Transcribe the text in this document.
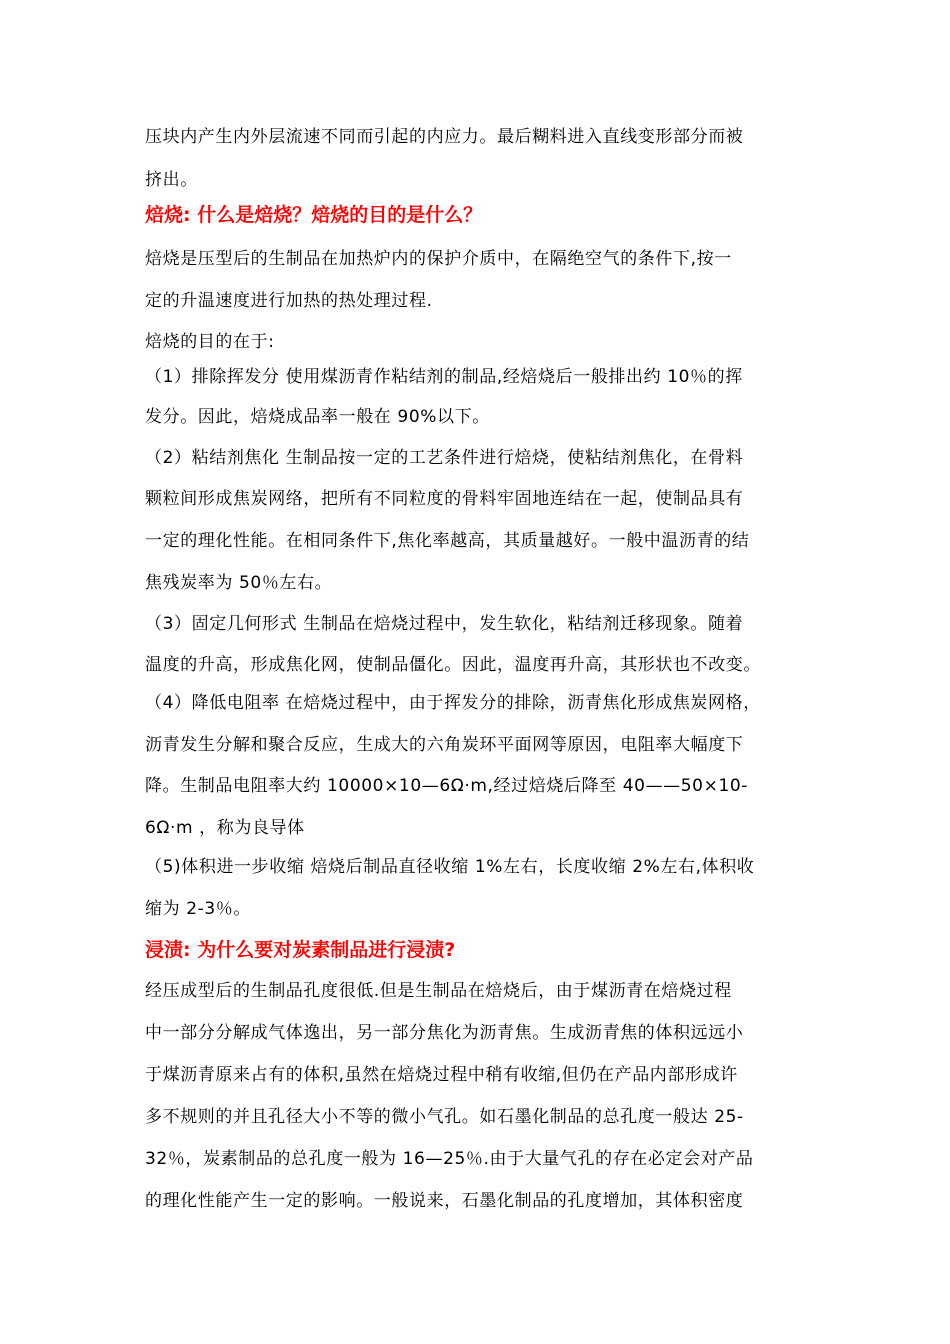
压块内产生内外层流速不同而引起的内应力。最后糊料进入直线变形部分而被
挤出。
焙烧: 什么是焙烧？焙烧的目的是什么？
焙烧是压型后的生制品在加热炉内的保护介质中，在隔绝空气的条件下,按一
定的升温速度进行加热的热处理过程.
焙烧的目的在于:
（1）排除挥发分 使用煤沥青作粘结剂的制品,经焙烧后一般排出约 10％的挥
发分。因此，焙烧成品率一般在 90%以下。
（2）粘结剂焦化 生制品按一定的工艺条件进行焙烧，使粘结剂焦化，在骨料
颗粒间形成焦炭网络，把所有不同粒度的骨料牢固地连结在一起，使制品具有
一定的理化性能。在相同条件下,焦化率越高，其质量越好。一般中温沥青的结
焦残炭率为 50％左右。
（3）固定几何形式 生制品在焙烧过程中，发生软化，粘结剂迁移现象。随着
温度的升高，形成焦化网，使制品僵化。因此，温度再升高，其形状也不改变。
（4）降低电阻率 在焙烧过程中，由于挥发分的排除，沥青焦化形成焦炭网格，
沥青发生分解和聚合反应，生成大的六角炭环平面网等原因，电阻率大幅度下
降。生制品电阻率大约 10000×10—6Ω·m,经过焙烧后降至 40——50×10-
6Ω·m ，称为良导体
（5)体积进一步收缩 焙烧后制品直径收缩 1%左右，长度收缩 2%左右,体积收
缩为 2-3％。
浸渍: 为什么要对炭素制品进行浸渍?
经压成型后的生制品孔度很低.但是生制品在焙烧后，由于煤沥青在焙烧过程
中一部分分解成气体逸出，另一部分焦化为沥青焦。生成沥青焦的体积远远小
于煤沥青原来占有的体积,虽然在焙烧过程中稍有收缩,但仍在产品内部形成许
多不规则的并且孔径大小不等的微小气孔。如石墨化制品的总孔度一般达 25-
32％，炭素制品的总孔度一般为 16—25％.由于大量气孔的存在必定会对产品
的理化性能产生一定的影响。一般说来，石墨化制品的孔度增加，其体积密度
